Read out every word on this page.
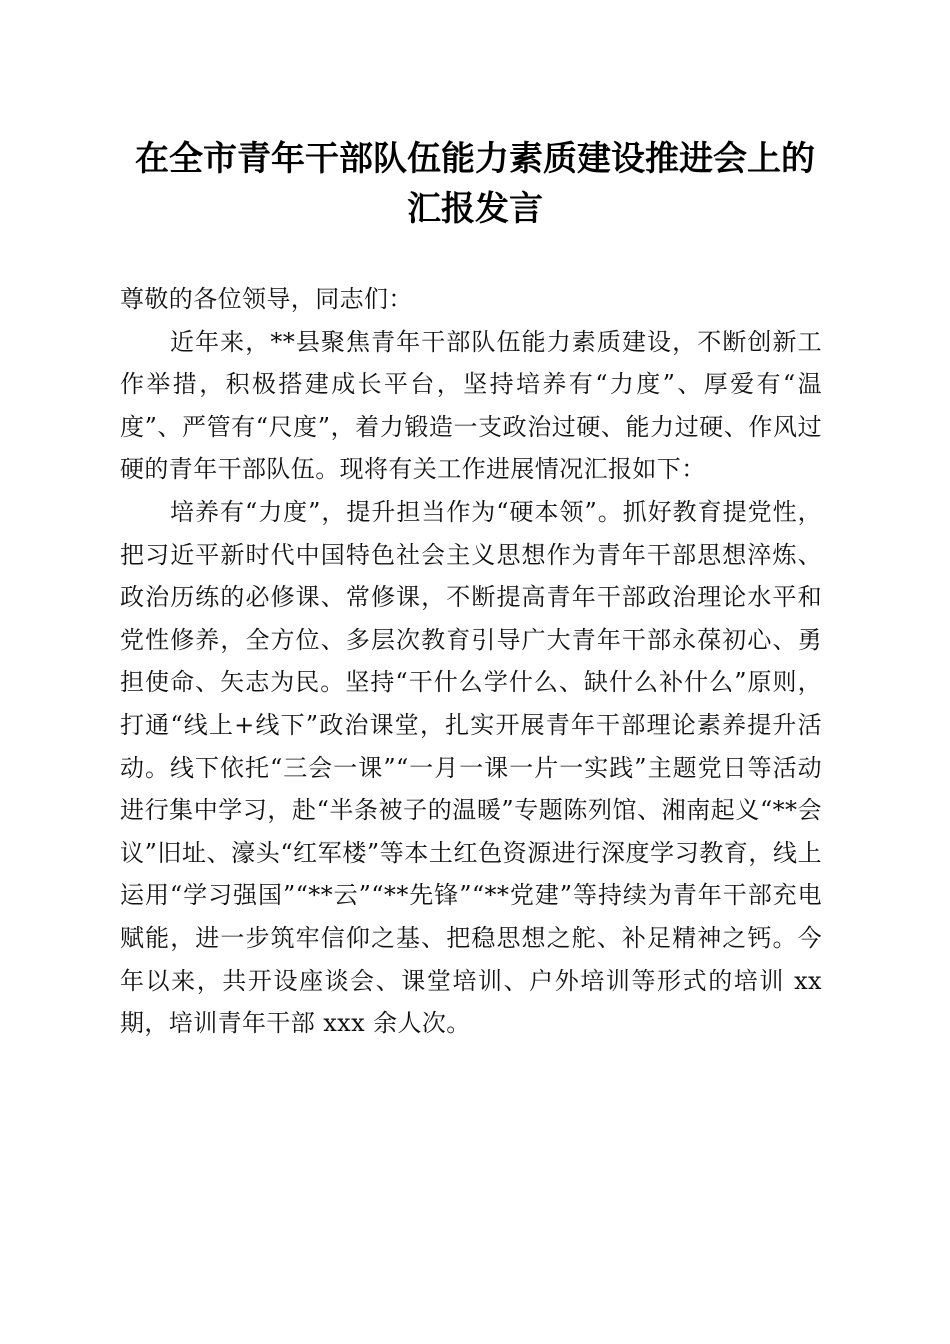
在全市青年干部队伍能力素质建设推进会上的
汇报发言

尊敬的各位领导，同志们：

近年来，**县聚焦青年干部队伍能力素质建设，不断创新工作举措，积极搭建成长平台，坚持培养有“力度”、厚爱有“温度”、严管有“尺度”，着力锻造一支政治过硬、能力过硬、作风过硬的青年干部队伍。现将有关工作进展情况汇报如下：

培养有“力度”，提升担当作为“硬本领”。抓好教育提党性，把习近平新时代中国特色社会主义思想作为青年干部思想淬炼、政治历练的必修课、常修课，不断提高青年干部政治理论水平和党性修养，全方位、多层次教育引导广大青年干部永葆初心、勇担使命、矢志为民。坚持“干什么学什么、缺什么补什么”原则，打通“线上+线下”政治课堂，扎实开展青年干部理论素养提升活动。线下依托“三会一课”“一月一课一片一实践”主题党日等活动进行集中学习，赴“半条被子的温暖”专题陈列馆、湘南起义“**会议”旧址、濠头“红军楼”等本土红色资源进行深度学习教育，线上运用“学习强国”“**云”“**先锋”“**党建”等持续为青年干部充电赋能，进一步筑牢信仰之基、把稳思想之舵、补足精神之钙。今年以来，共开设座谈会、课堂培训、户外培训等形式的培训 xx 期，培训青年干部 xxx 余人次。
